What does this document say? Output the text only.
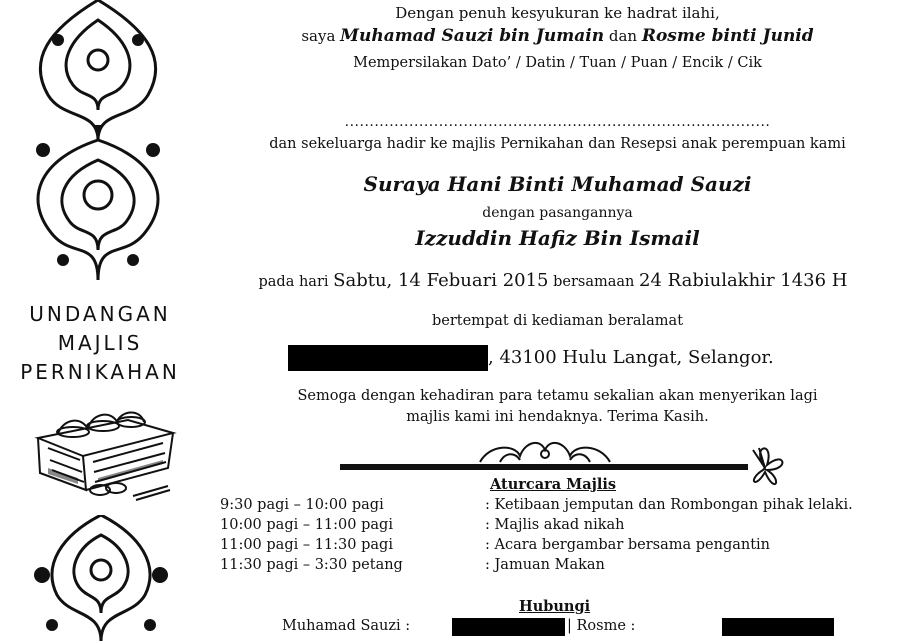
UNDANGAN
MAJLIS
PERNIKAHAN
Dengan penuh kesyukuran ke hadrat ilahi,
saya Muhamad Sauzi bin Jumain dan Rosme binti Junid
Mempersilakan Dato’ / Datin / Tuan / Puan / Encik / Cik
......................................................................................
dan sekeluarga hadir ke majlis Pernikahan dan Resepsi anak perempuan kami
Suraya Hani Binti Muhamad Sauzi
dengan pasangannya
Izzuddin Hafiz Bin Ismail
pada hari Sabtu, 14 Febuari 2015 bersamaan 24 Rabiulakhir 1436 H
bertempat di kediaman beralamat
, 43100 Hulu Langat, Selangor.
Semoga dengan kehadiran para tetamu sekalian akan menyerikan lagi
majlis kami ini hendaknya. Terima Kasih.
Aturcara Majlis
9:30 pagi – 10:00 pagi	: Ketibaan jemputan dan Rombongan pihak lelaki.
10:00 pagi – 11:00 pagi	: Majlis akad nikah
11:00 pagi – 11:30 pagi	: Acara bergambar bersama pengantin
11:30 pagi – 3:30 petang	: Jamuan Makan
Hubungi
Muhamad Sauzi :	| Rosme :
